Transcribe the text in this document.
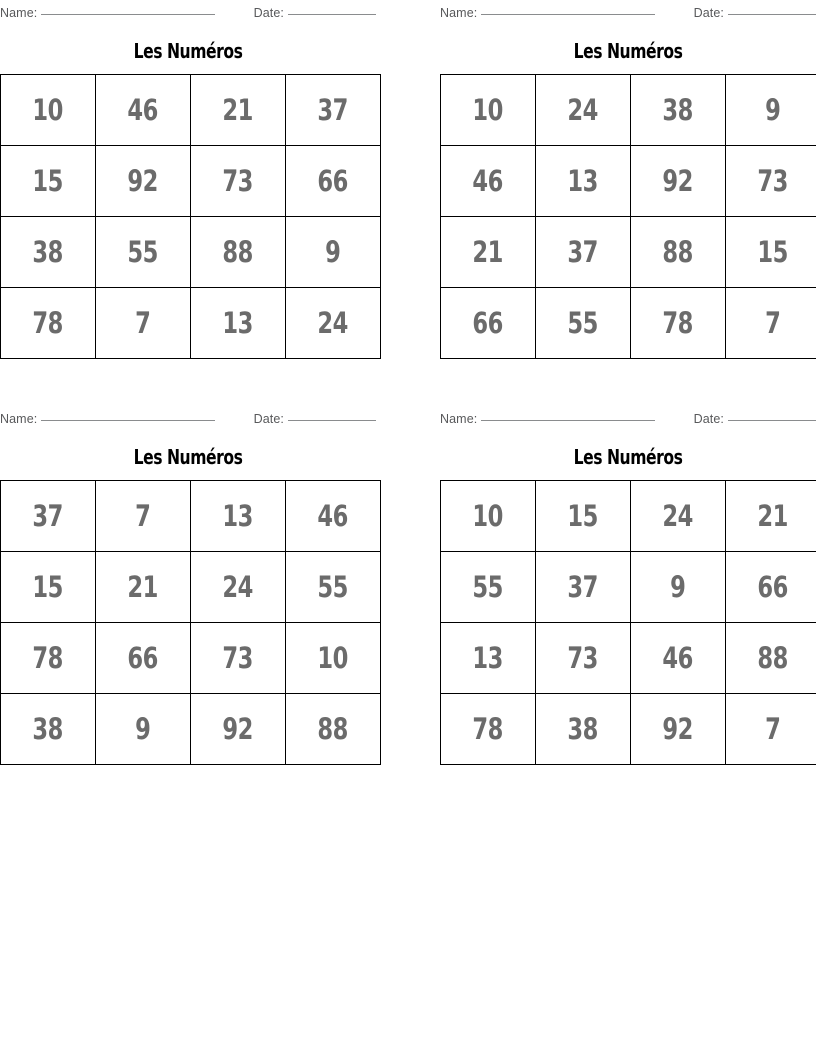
Name:	Date:
Les Numéros
10	46	21	37
15	92	73	66
38	55	88	9
78	7	13	24
Name:	Date:
Les Numéros
10	24	38	9
46	13	92	73
21	37	88	15
66	55	78	7
Name:	Date:
Les Numéros
37	7	13	46
15	21	24	55
78	66	73	10
38	9	92	88
Name:	Date:
Les Numéros
10	15	24	21
55	37	9	66
13	73	46	88
78	38	92	7
